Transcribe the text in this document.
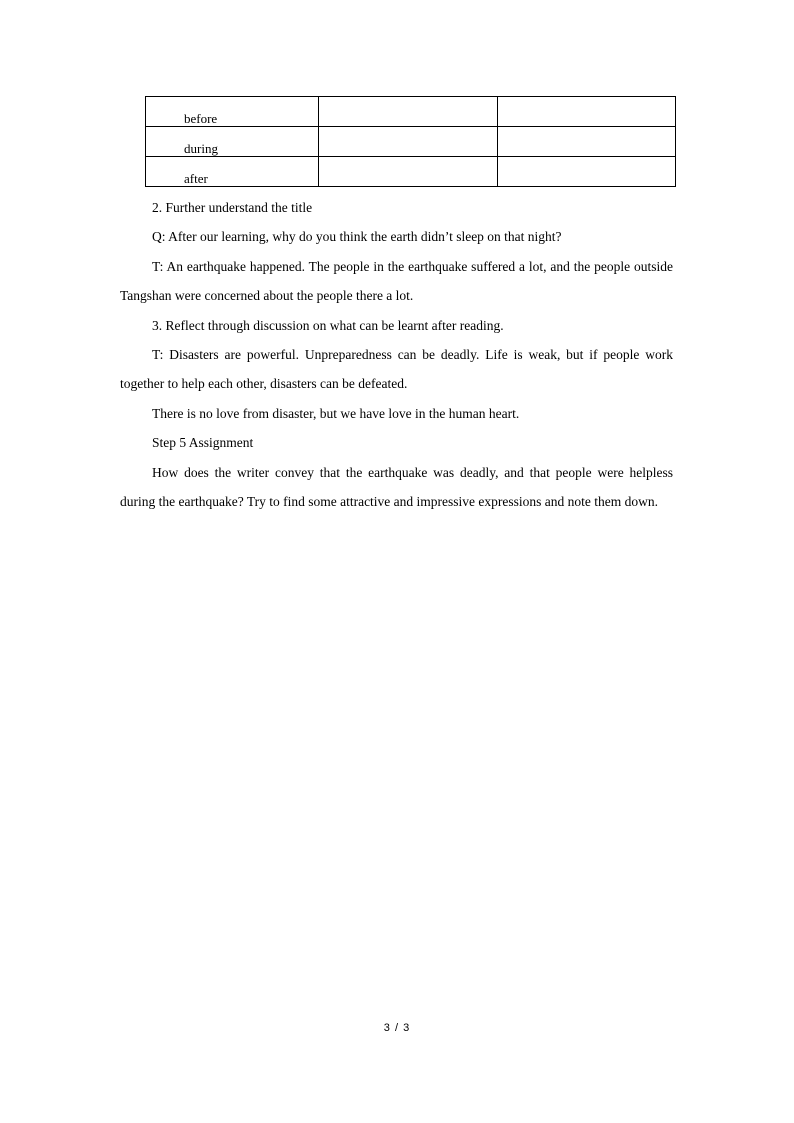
before		

during		

after		

2. Further understand the title

Q: After our learning, why do you think the earth didn’t sleep on that night?

T: An earthquake happened. The people in the earthquake suffered a lot, and the people outside Tangshan were concerned about the people there a lot.

3. Reflect through discussion on what can be learnt after reading.

T: Disasters are powerful. Unpreparedness can be deadly. Life is weak, but if people work together to help each other, disasters can be defeated.

There is no love from disaster, but we have love in the human heart.

Step 5 Assignment

How does the writer convey that the earthquake was deadly, and that people were helpless during the earthquake? Try to find some attractive and impressive expressions and note them down.

3 / 3
